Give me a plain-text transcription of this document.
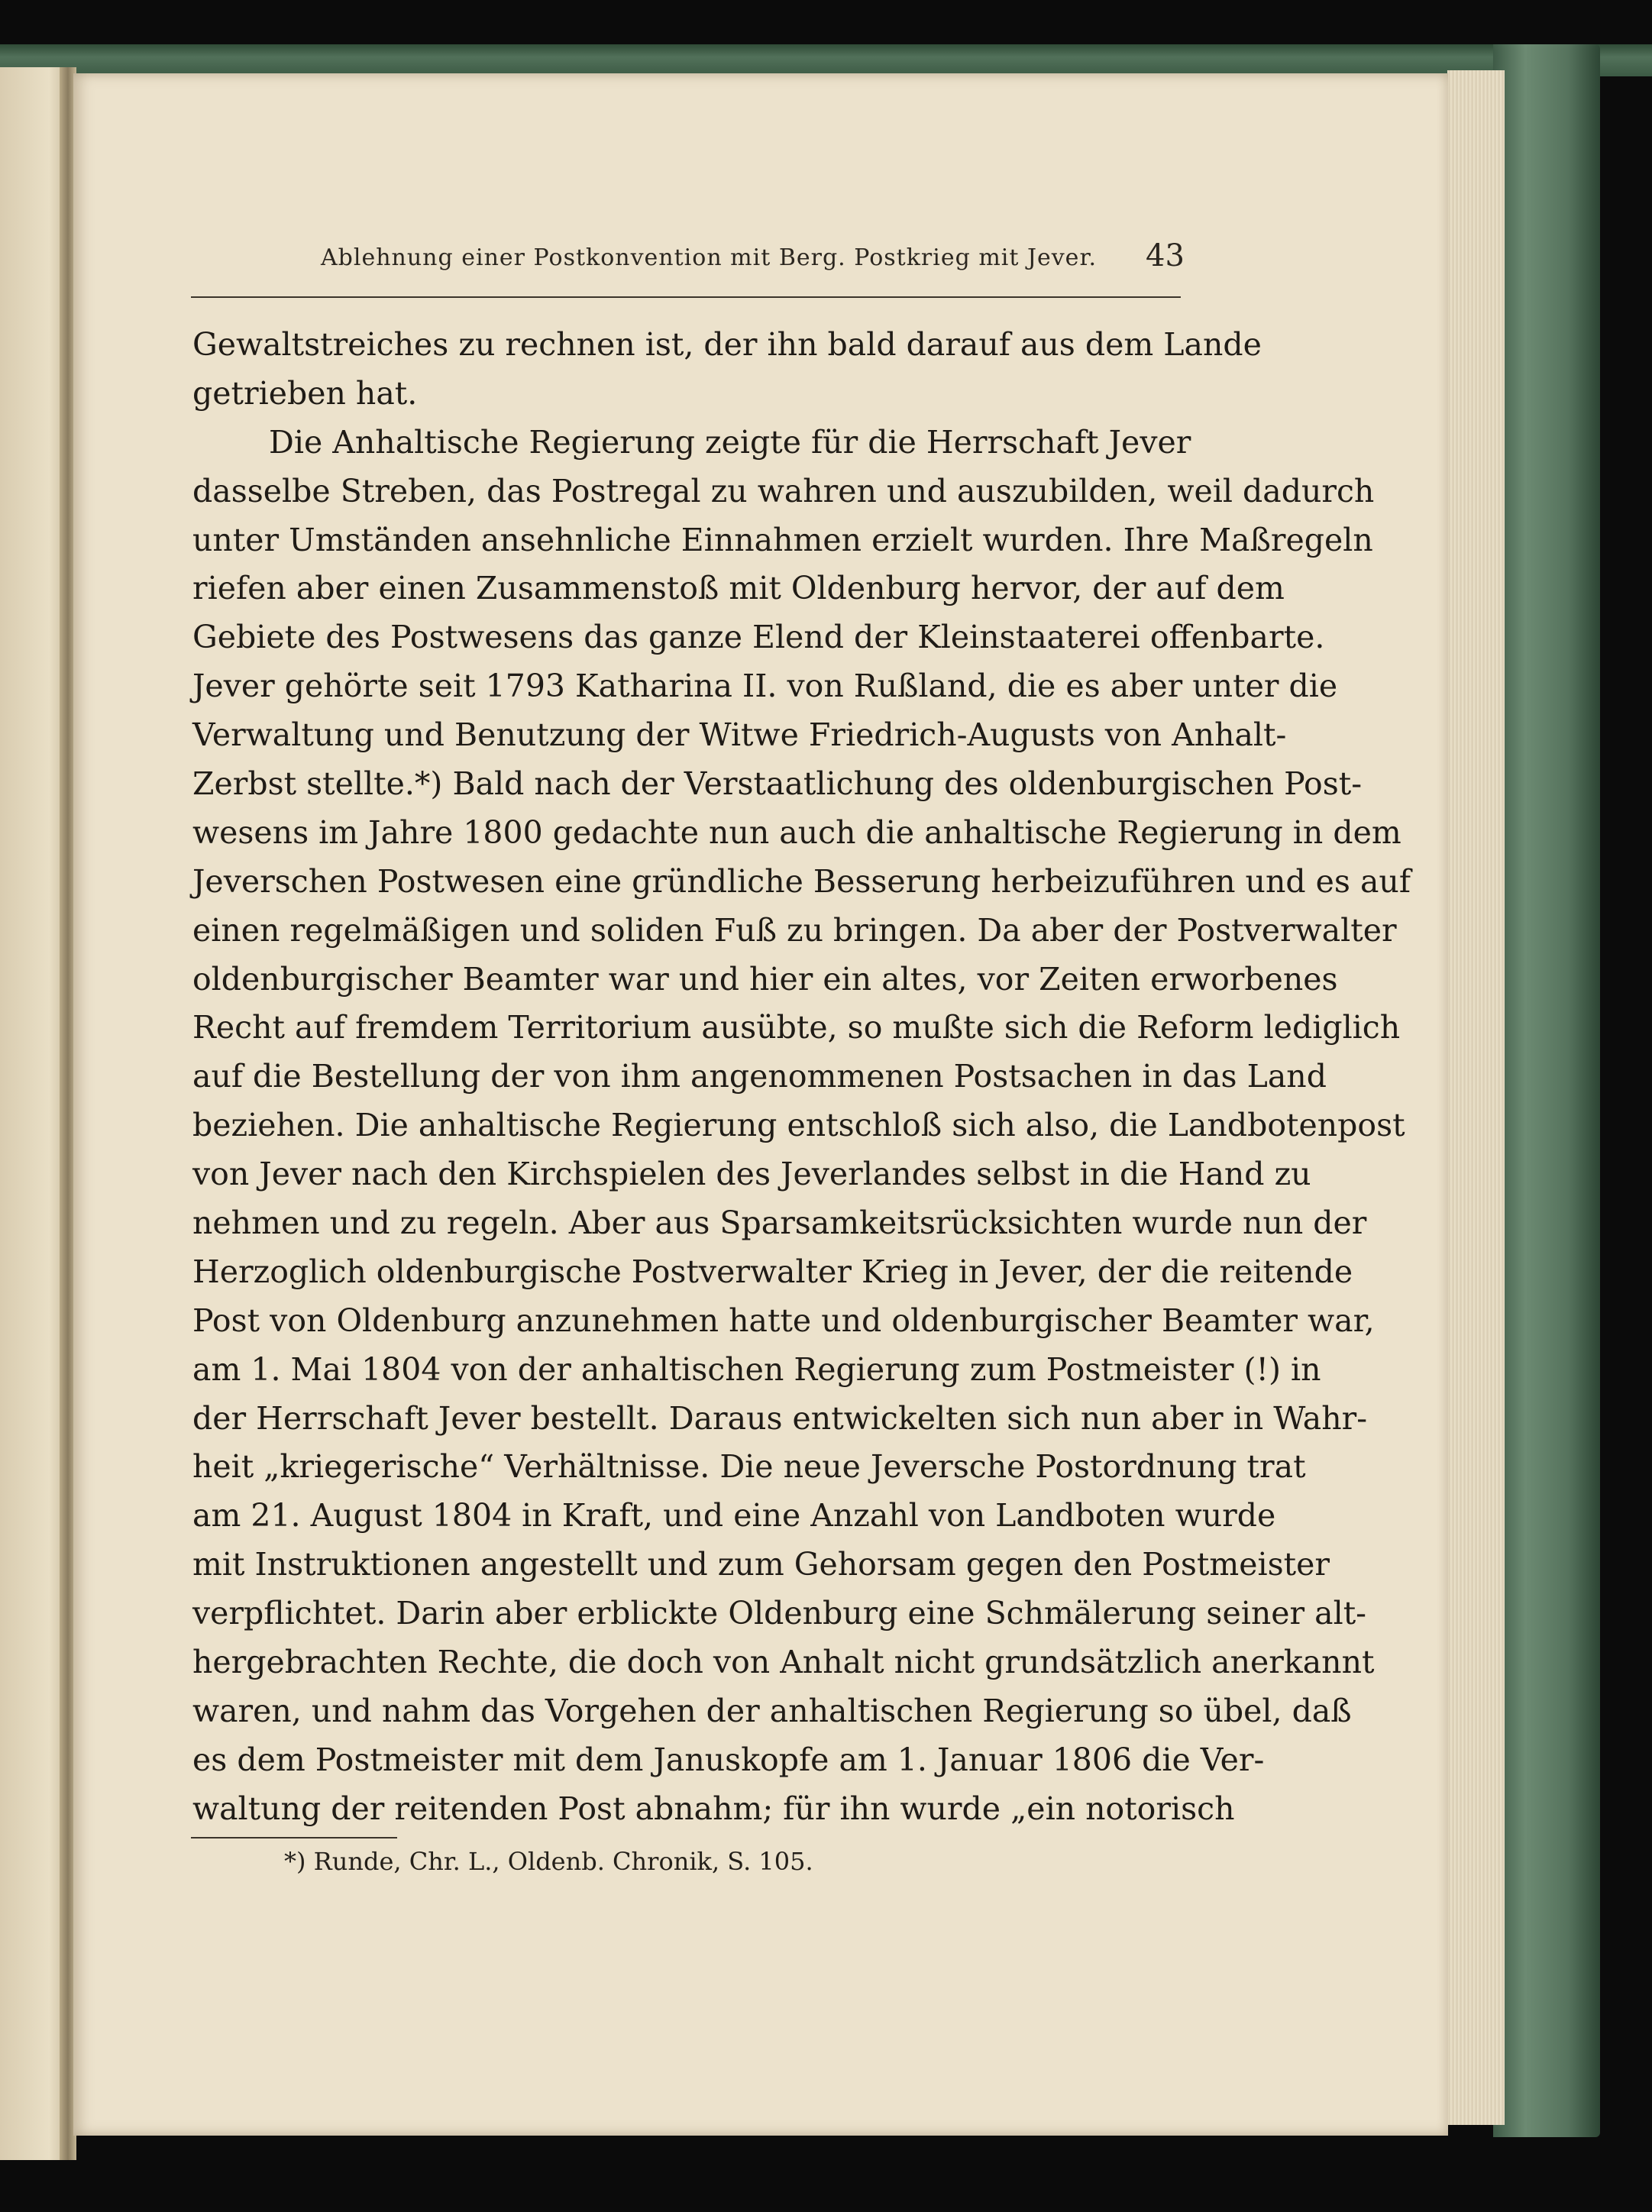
Ablehnung einer Postkonvention mit Berg. Postkrieg mit Jever. 43
Gewaltstreiches zu rechnen ist, der ihn bald darauf aus dem Lande
getrieben hat.
Die Anhaltische Regierung zeigte für die Herrschaft Jever
dasselbe Streben, das Postregal zu wahren und auszubilden, weil dadurch
unter Umständen ansehnliche Einnahmen erzielt wurden. Ihre Maßregeln
riefen aber einen Zusammenstoß mit Oldenburg hervor, der auf dem
Gebiete des Postwesens das ganze Elend der Kleinstaaterei offenbarte.
Jever gehörte seit 1793 Katharina II. von Rußland, die es aber unter die
Verwaltung und Benutzung der Witwe Friedrich-Augusts von Anhalt-
Zerbst stellte.*) Bald nach der Verstaatlichung des oldenburgischen Post-
wesens im Jahre 1800 gedachte nun auch die anhaltische Regierung in dem
Jeverschen Postwesen eine gründliche Besserung herbeizuführen und es auf
einen regelmäßigen und soliden Fuß zu bringen. Da aber der Postverwalter
oldenburgischer Beamter war und hier ein altes, vor Zeiten erworbenes
Recht auf fremdem Territorium ausübte, so mußte sich die Reform lediglich
auf die Bestellung der von ihm angenommenen Postsachen in das Land
beziehen. Die anhaltische Regierung entschloß sich also, die Landbotenpost
von Jever nach den Kirchspielen des Jeverlandes selbst in die Hand zu
nehmen und zu regeln. Aber aus Sparsamkeitsrücksichten wurde nun der
Herzoglich oldenburgische Postverwalter Krieg in Jever, der die reitende
Post von Oldenburg anzunehmen hatte und oldenburgischer Beamter war,
am 1. Mai 1804 von der anhaltischen Regierung zum Postmeister (!) in
der Herrschaft Jever bestellt. Daraus entwickelten sich nun aber in Wahr-
heit „kriegerische“ Verhältnisse. Die neue Jeversche Postordnung trat
am 21. August 1804 in Kraft, und eine Anzahl von Landboten wurde
mit Instruktionen angestellt und zum Gehorsam gegen den Postmeister
verpflichtet. Darin aber erblickte Oldenburg eine Schmälerung seiner alt-
hergebrachten Rechte, die doch von Anhalt nicht grundsätzlich anerkannt
waren, und nahm das Vorgehen der anhaltischen Regierung so übel, daß
es dem Postmeister mit dem Januskopfe am 1. Januar 1806 die Ver-
waltung der reitenden Post abnahm; für ihn wurde „ein notorisch
*) Runde, Chr. L., Oldenb. Chronik, S. 105.
